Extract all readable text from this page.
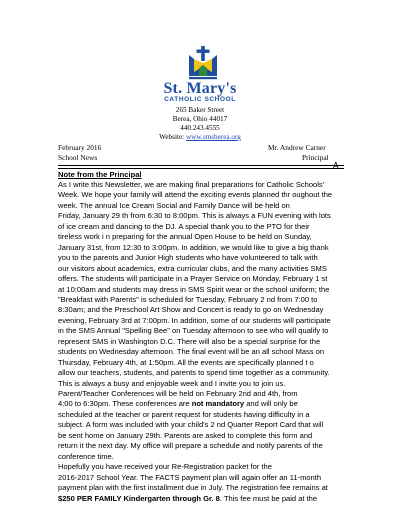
St. Mary's
CATHOLIC SCHOOL
265 Baker Street
Berea, Ohio 44017
440.243.4555
Website: www.smsberea.org
February 2016
School News
Mr. Andrew Carner
Principal
Note from the Principal
As I write this Newsletter, we are making final preparations for Catholic Schools'
Week. We hope your family will attend the exciting events planned thr oughout the
week. The annual Ice Cream Social and Family Dance will be held on
Friday, January 29 th from 6:30 to 8:00pm. This is always a FUN evening with lots
of ice cream and dancing to the DJ. A special thank you to the PTO for their
tireless work i n preparing for the annual Open House to be held on Sunday,
January 31st, from 12:30 to 3:00pm. In addition, we would like to give a big thank
you to the parents and Junior High students who have volunteered to talk with
our visitors about academics, extra curricular clubs, and the many activities SMS
offers. The students will participate in a Prayer Service on Monday, February 1 st
at 10:00am and students may dress in SMS Spirit wear or the school uniform; the
"Breakfast with Parents" is scheduled for Tuesday, February 2 nd from 7:00 to
8:30am; and the Preschool Art Show and Concert is ready to go on Wednesday
evening, February 3rd at 7:00pm. In addition, some of our students will participate
in the SMS Annual "Spelling Bee" on Tuesday afternoon to see who will qualify to
represent SMS in Washington D.C. There will also be a special surprise for the
students on Wednesday afternoon. The final event will be an all school Mass on
Thursday, February 4th, at 1:50pm. All the events are specifically planned t o
allow our teachers, students, and parents to spend time together as a community.
This is always a busy and enjoyable week and I invite you to join us.
Parent/Teacher Conferences will be held on February 2nd and 4th, from
4:00 to 6:30pm. These conferences are not mandatory and will only be
scheduled at the teacher or parent request for students having difficulty in a
subject. A form was included with your child's 2 nd Quarter Report Card that will
be sent home on January 29th. Parents are asked to complete this form and
return it the next day. My office will prepare a schedule and notify parents of the
conference time.
Hopefully you have received your Re-Registration packet for the
2016-2017 School Year. The FACTS payment plan will again offer an 11-month
payment plan with the first installment due in July. The registration fee remains at
$250 PER FAMILY Kindergarten through Gr. 8. This fee must be paid at the
